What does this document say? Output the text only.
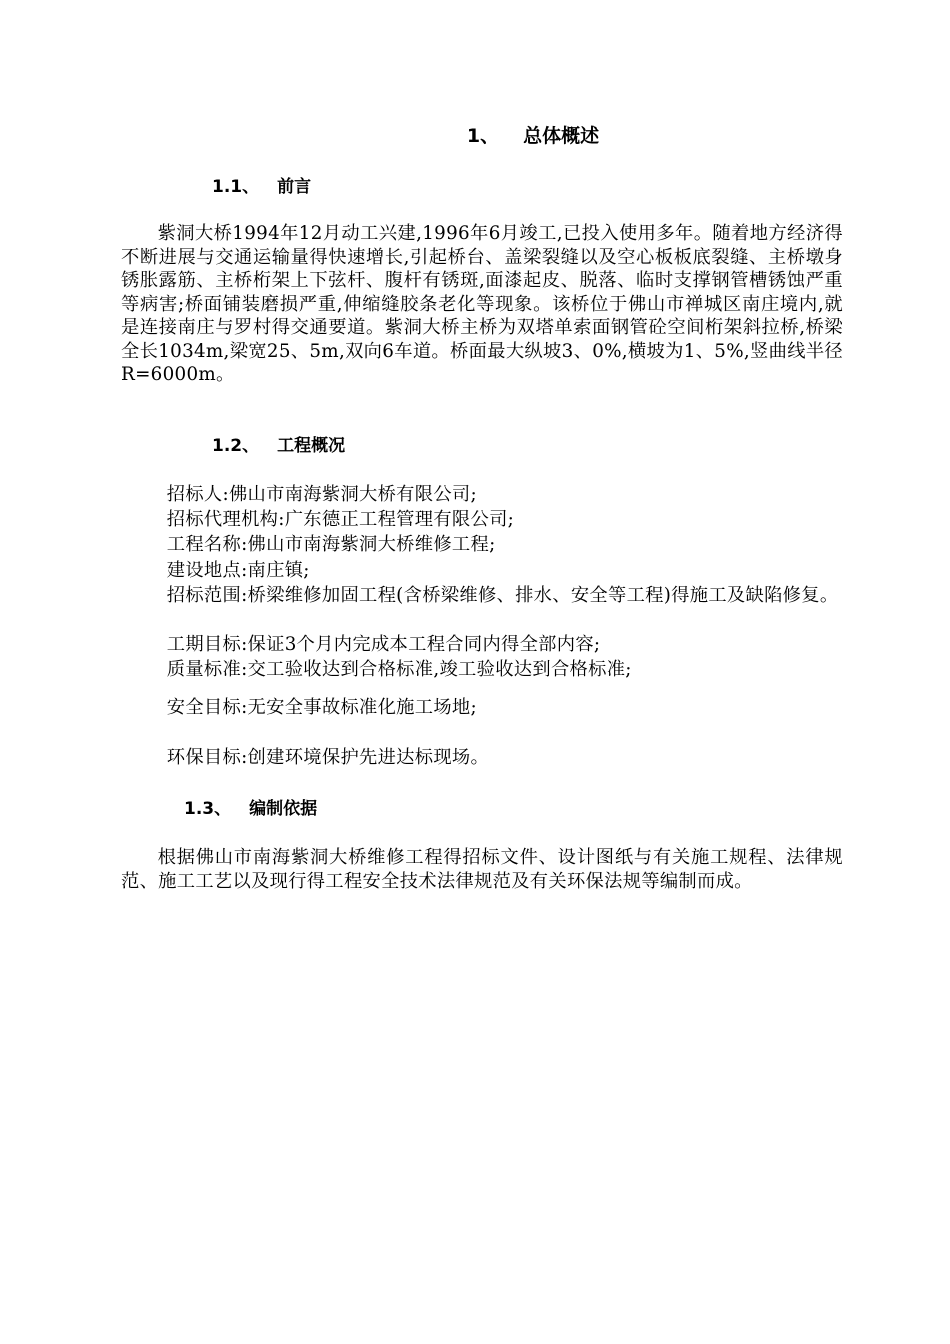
1、 总体概述
1.1、 前言
紫洞大桥1994年12月动工兴建,1996年6月竣工,已投入使用多年。随着地方经济得不断进展与交通运输量得快速增长,引起桥台、盖梁裂缝以及空心板板底裂缝、主桥墩身锈胀露筋、主桥桁架上下弦杆、腹杆有锈斑,面漆起皮、脱落、临时支撑钢管槽锈蚀严重等病害;桥面铺装磨损严重,伸缩缝胶条老化等现象。该桥位于佛山市禅城区南庄境内,就是连接南庄与罗村得交通要道。紫洞大桥主桥为双塔单索面钢管砼空间桁架斜拉桥,桥梁全长1034m,梁宽25、5m,双向6车道。桥面最大纵坡3、0%,横坡为1、5%,竖曲线半径R=6000m。
1.2、 工程概况
招标人:佛山市南海紫洞大桥有限公司;
招标代理机构:广东德正工程管理有限公司;
工程名称:佛山市南海紫洞大桥维修工程;
建设地点:南庄镇;
招标范围:桥梁维修加固工程(含桥梁维修、排水、安全等工程)得施工及缺陷修复。
工期目标:保证3个月内完成本工程合同内得全部内容;
质量标准:交工验收达到合格标准,竣工验收达到合格标准;
安全目标:无安全事故标准化施工场地;
环保目标:创建环境保护先进达标现场。
1.3、 编制依据
根据佛山市南海紫洞大桥维修工程得招标文件、设计图纸与有关施工规程、法律规范、施工工艺以及现行得工程安全技术法律规范及有关环保法规等编制而成。
